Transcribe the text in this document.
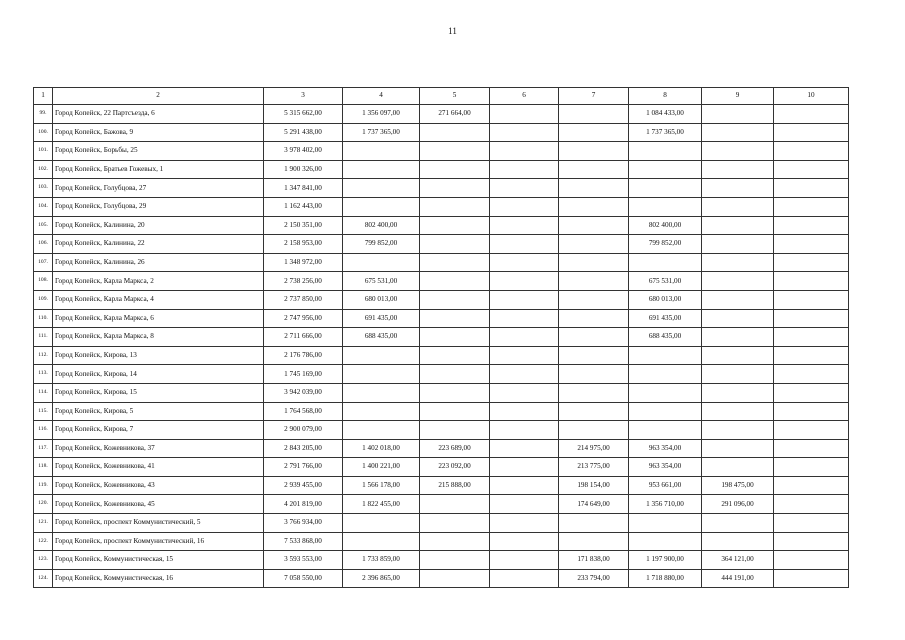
11
1	2	3	4	5	6	7	8	9	10
99.	Город Копейск, 22 Партсъезда, 6	5 315 662,00	1 356 097,00	271 664,00			1 084 433,00		
100.	Город Копейск, Бажова, 9	5 291 438,00	1 737 365,00				1 737 365,00		
101.	Город Копейск, Борьбы, 25	3 978 402,00							
102.	Город Копейск, Братьев Гожевых, 1	1 900 326,00							
103.	Город Копейск, Голубцова, 27	1 347 841,00							
104.	Город Копейск, Голубцова, 29	1 162 443,00							
105.	Город Копейск, Калинина, 20	2 150 351,00	802 400,00				802 400,00		
106.	Город Копейск, Калинина, 22	2 158 953,00	799 852,00				799 852,00		
107.	Город Копейск, Калинина, 26	1 348 972,00							
108.	Город Копейск, Карла Маркса, 2	2 738 256,00	675 531,00				675 531,00		
109.	Город Копейск, Карла Маркса, 4	2 737 850,00	680 013,00				680 013,00		
110.	Город Копейск, Карла Маркса, 6	2 747 956,00	691 435,00				691 435,00		
111.	Город Копейск, Карла Маркса, 8	2 711 666,00	688 435,00				688 435,00		
112.	Город Копейск, Кирова, 13	2 176 786,00							
113.	Город Копейск, Кирова, 14	1 745 169,00							
114.	Город Копейск, Кирова, 15	3 942 039,00							
115.	Город Копейск, Кирова, 5	1 764 568,00							
116.	Город Копейск, Кирова, 7	2 900 079,00							
117.	Город Копейск, Кожевникова, 37	2 843 205,00	1 402 018,00	223 689,00		214 975,00	963 354,00		
118.	Город Копейск, Кожевникова, 41	2 791 766,00	1 400 221,00	223 092,00		213 775,00	963 354,00		
119.	Город Копейск, Кожевникова, 43	2 939 455,00	1 566 178,00	215 888,00		198 154,00	953 661,00	198 475,00	
120.	Город Копейск, Кожевникова, 45	4 201 819,00	1 822 455,00			174 649,00	1 356 710,00	291 096,00	
121.	Город Копейск, проспект Коммунистический, 5	3 766 934,00							
122.	Город Копейск, проспект Коммунистический, 16	7 533 868,00							
123.	Город Копейск, Коммунистическая, 15	3 593 553,00	1 733 859,00			171 838,00	1 197 900,00	364 121,00	
124.	Город Копейск, Коммунистическая, 16	7 058 550,00	2 396 865,00			233 794,00	1 718 880,00	444 191,00	
